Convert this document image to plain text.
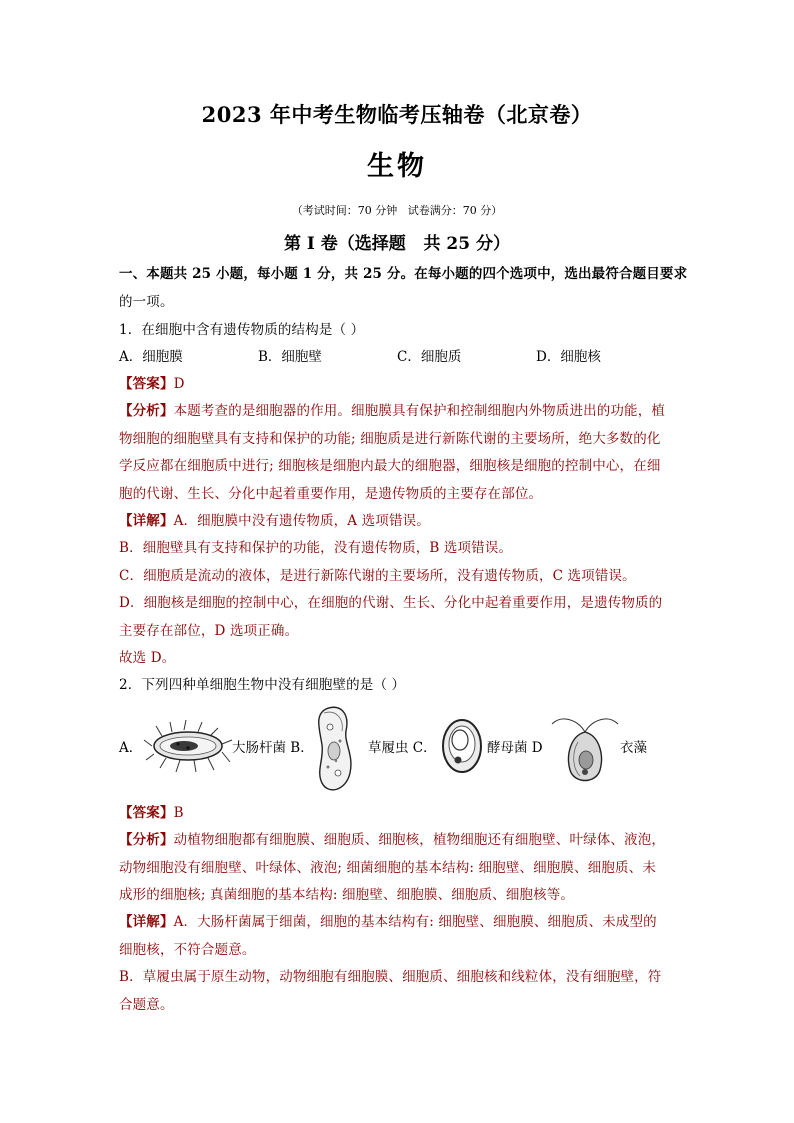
2023 年中考生物临考压轴卷（北京卷）
生物
（考试时间：70 分钟   试卷满分：70 分）
第 I 卷（选择题   共 25 分）
一、本题共 25 小题，每小题 1 分，共 25 分。在每小题的四个选项中，选出最符合题目要求
的一项。
1．在细胞中含有遗传物质的结构是（ ）
A．细胞膜	B．细胞壁	C．细胞质	D．细胞核
【答案】D
【分析】本题考查的是细胞器的作用。细胞膜具有保护和控制细胞内外物质进出的功能，植
物细胞的细胞壁具有支持和保护的功能; 细胞质是进行新陈代谢的主要场所，绝大多数的化
学反应都在细胞质中进行; 细胞核是细胞内最大的细胞器，细胞核是细胞的控制中心，在细
胞的代谢、生长、分化中起着重要作用，是遗传物质的主要存在部位。
【详解】A．细胞膜中没有遗传物质，A 选项错误。
B．细胞壁具有支持和保护的功能，没有遗传物质，B 选项错误。
C．细胞质是流动的液体，是进行新陈代谢的主要场所，没有遗传物质，C 选项错误。
D．细胞核是细胞的控制中心，在细胞的代谢、生长、分化中起着重要作用，是遗传物质的
主要存在部位，D 选项正确。
故选 D。
2．下列四种单细胞生物中没有细胞壁的是（ ）
A．	大肠杆菌 B．	草履虫 C．	酵母菌 D	衣藻
【答案】B
【分析】动植物细胞都有细胞膜、细胞质、细胞核，植物细胞还有细胞壁、叶绿体、液泡，
动物细胞没有细胞壁、叶绿体、液泡; 细菌细胞的基本结构: 细胞壁、细胞膜、细胞质、未
成形的细胞核; 真菌细胞的基本结构: 细胞壁、细胞膜、细胞质、细胞核等。
【详解】A．大肠杆菌属于细菌，细胞的基本结构有: 细胞壁、细胞膜、细胞质、未成型的
细胞核，不符合题意。
B．草履虫属于原生动物，动物细胞有细胞膜、细胞质、细胞核和线粒体，没有细胞壁，符
合题意。
